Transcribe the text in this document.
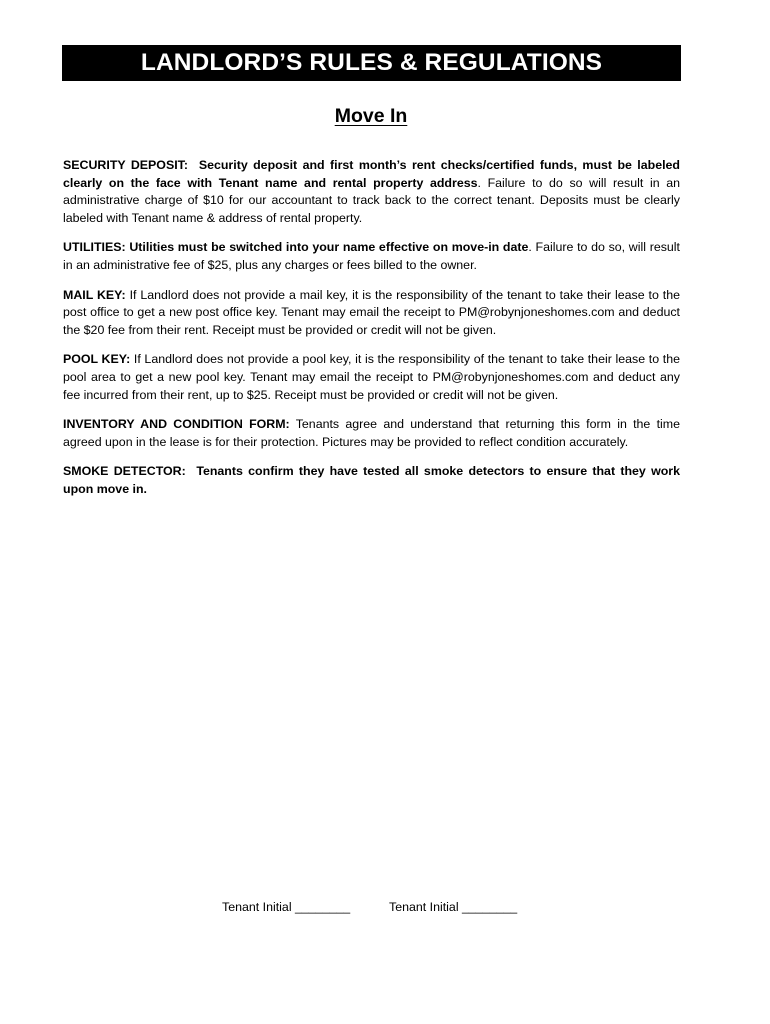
LANDLORD’S RULES & REGULATIONS
Move In

SECURITY DEPOSIT: Security deposit and first month’s rent checks/certified funds, must be labeled clearly on the face with Tenant name and rental property address. Failure to do so will result in an administrative charge of $10 for our accountant to track back to the correct tenant. Deposits must be clearly labeled with Tenant name & address of rental property.

UTILITIES: Utilities must be switched into your name effective on move-in date. Failure to do so, will result in an administrative fee of $25, plus any charges or fees billed to the owner.

MAIL KEY: If Landlord does not provide a mail key, it is the responsibility of the tenant to take their lease to the post office to get a new post office key. Tenant may email the receipt to PM@robynjoneshomes.com and deduct the $20 fee from their rent. Receipt must be provided or credit will not be given.

POOL KEY: If Landlord does not provide a pool key, it is the responsibility of the tenant to take their lease to the pool area to get a new pool key. Tenant may email the receipt to PM@robynjoneshomes.com and deduct any fee incurred from their rent, up to $25. Receipt must be provided or credit will not be given.

INVENTORY AND CONDITION FORM: Tenants agree and understand that returning this form in the time agreed upon in the lease is for their protection. Pictures may be provided to reflect condition accurately.

SMOKE DETECTOR: Tenants confirm they have tested all smoke detectors to ensure that they work upon move in.

Tenant Initial ________	Tenant Initial ________
